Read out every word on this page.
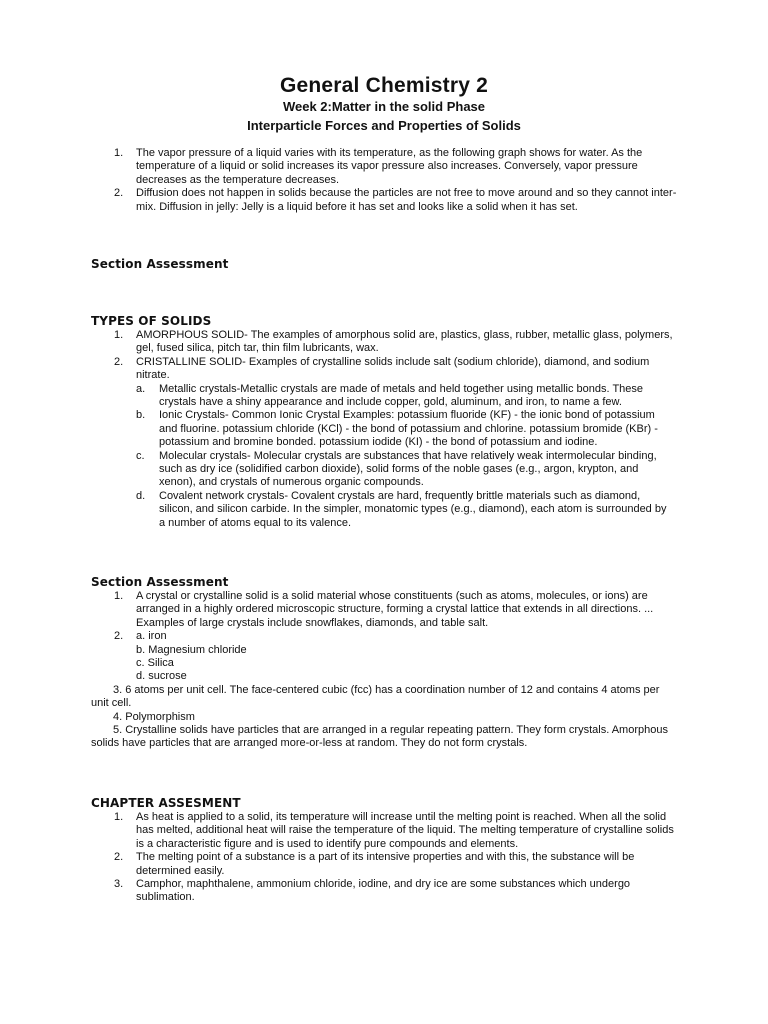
General Chemistry 2
Week 2:Matter in the solid Phase
Interparticle Forces and Properties of Solids
1. The vapor pressure of a liquid varies with its temperature, as the following graph shows for water. As the temperature of a liquid or solid increases its vapor pressure also increases. Conversely, vapor pressure decreases as the temperature decreases.
2. Diffusion does not happen in solids because the particles are not free to move around and so they cannot inter-mix. Diffusion in jelly: Jelly is a liquid before it has set and looks like a solid when it has set.
Section Assessment
TYPES OF SOLIDS
1. AMORPHOUS SOLID- The examples of amorphous solid are, plastics, glass, rubber, metallic glass, polymers, gel, fused silica, pitch tar, thin film lubricants, wax.
2. CRISTALLINE SOLID- Examples of crystalline solids include salt (sodium chloride), diamond, and sodium nitrate.
a. Metallic crystals-Metallic crystals are made of metals and held together using metallic bonds. These crystals have a shiny appearance and include copper, gold, aluminum, and iron, to name a few.
b. Ionic Crystals- Common Ionic Crystal Examples: potassium fluoride (KF) - the ionic bond of potassium and fluorine. potassium chloride (KCl) - the bond of potassium and chlorine. potassium bromide (KBr) - potassium and bromine bonded. potassium iodide (KI) - the bond of potassium and iodine.
c. Molecular crystals- Molecular crystals are substances that have relatively weak intermolecular binding, such as dry ice (solidified carbon dioxide), solid forms of the noble gases (e.g., argon, krypton, and xenon), and crystals of numerous organic compounds.
d. Covalent network crystals- Covalent crystals are hard, frequently brittle materials such as diamond, silicon, and silicon carbide. In the simpler, monatomic types (e.g., diamond), each atom is surrounded by a number of atoms equal to its valence.
Section Assessment
1. A crystal or crystalline solid is a solid material whose constituents (such as atoms, molecules, or ions) are arranged in a highly ordered microscopic structure, forming a crystal lattice that extends in all directions. ... Examples of large crystals include snowflakes, diamonds, and table salt.
2. a. iron
b. Magnesium chloride
c. Silica
d. sucrose
3. 6 atoms per unit cell. The face-centered cubic (fcc) has a coordination number of 12 and contains 4 atoms per unit cell.
4. Polymorphism
5. Crystalline solids have particles that are arranged in a regular repeating pattern. They form crystals. Amorphous solids have particles that are arranged more-or-less at random. They do not form crystals.
CHAPTER ASSESMENT
1. As heat is applied to a solid, its temperature will increase until the melting point is reached. When all the solid has melted, additional heat will raise the temperature of the liquid. The melting temperature of crystalline solids is a characteristic figure and is used to identify pure compounds and elements.
2. The melting point of a substance is a part of its intensive properties and with this, the substance will be determined easily.
3. Camphor, maphthalene, ammonium chloride, iodine, and dry ice are some substances which undergo sublimation.
